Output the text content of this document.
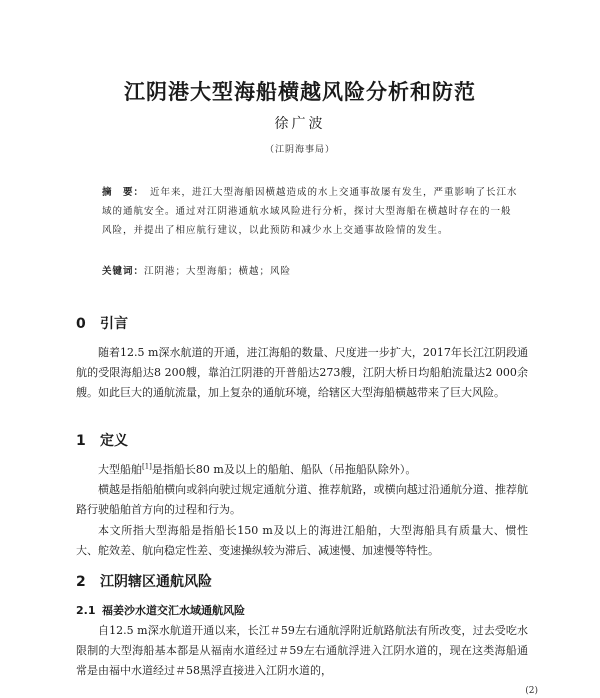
江阴港大型海船横越风险分析和防范
徐广波
（江阴海事局）
摘　要： 近年来，进江大型海船因横越造成的水上交通事故屡有发生，严重影响了长江水域的通航安全。通过对江阴港通航水域风险进行分析，探讨大型海船在横越时存在的一般风险，并提出了相应航行建议，以此预防和减少水上交通事故险情的发生。
关键词：江阴港；大型海船；横越；风险
0 引言
随着12.5 m深水航道的开通，进江海船的数量、尺度进一步扩大，2017年长江江阴段通航的受限海船达8 200艘，靠泊江阴港的开普船达273艘，江阴大桥日均船舶流量达2 000余艘。如此巨大的通航流量，加上复杂的通航环境，给辖区大型海船横越带来了巨大风险。
1 定义
大型船舶[1]是指船长80 m及以上的船舶、船队（吊拖船队除外）。
横越是指船舶横向或斜向驶过规定通航分道、推荐航路，或横向越过沿通航分道、推荐航路行驶船舶首方向的过程和行为。
本文所指大型海船是指船长150 m及以上的海进江船舶，大型海船具有质量大、惯性大、舵效差、航向稳定性差、变速操纵较为滞后、减速慢、加速慢等特性。
2 江阴辖区通航风险
2.1 福姜沙水道交汇水域通航风险
自12.5 m深水航道开通以来，长江＃59左右通航浮附近航路航法有所改变，过去受吃水限制的大型海船基本都是从福南水道经过＃59左右通航浮进入江阴水道的，现在这类海船通常是由福中水道经过＃58黑浮直接进入江阴水道的，
(2)
